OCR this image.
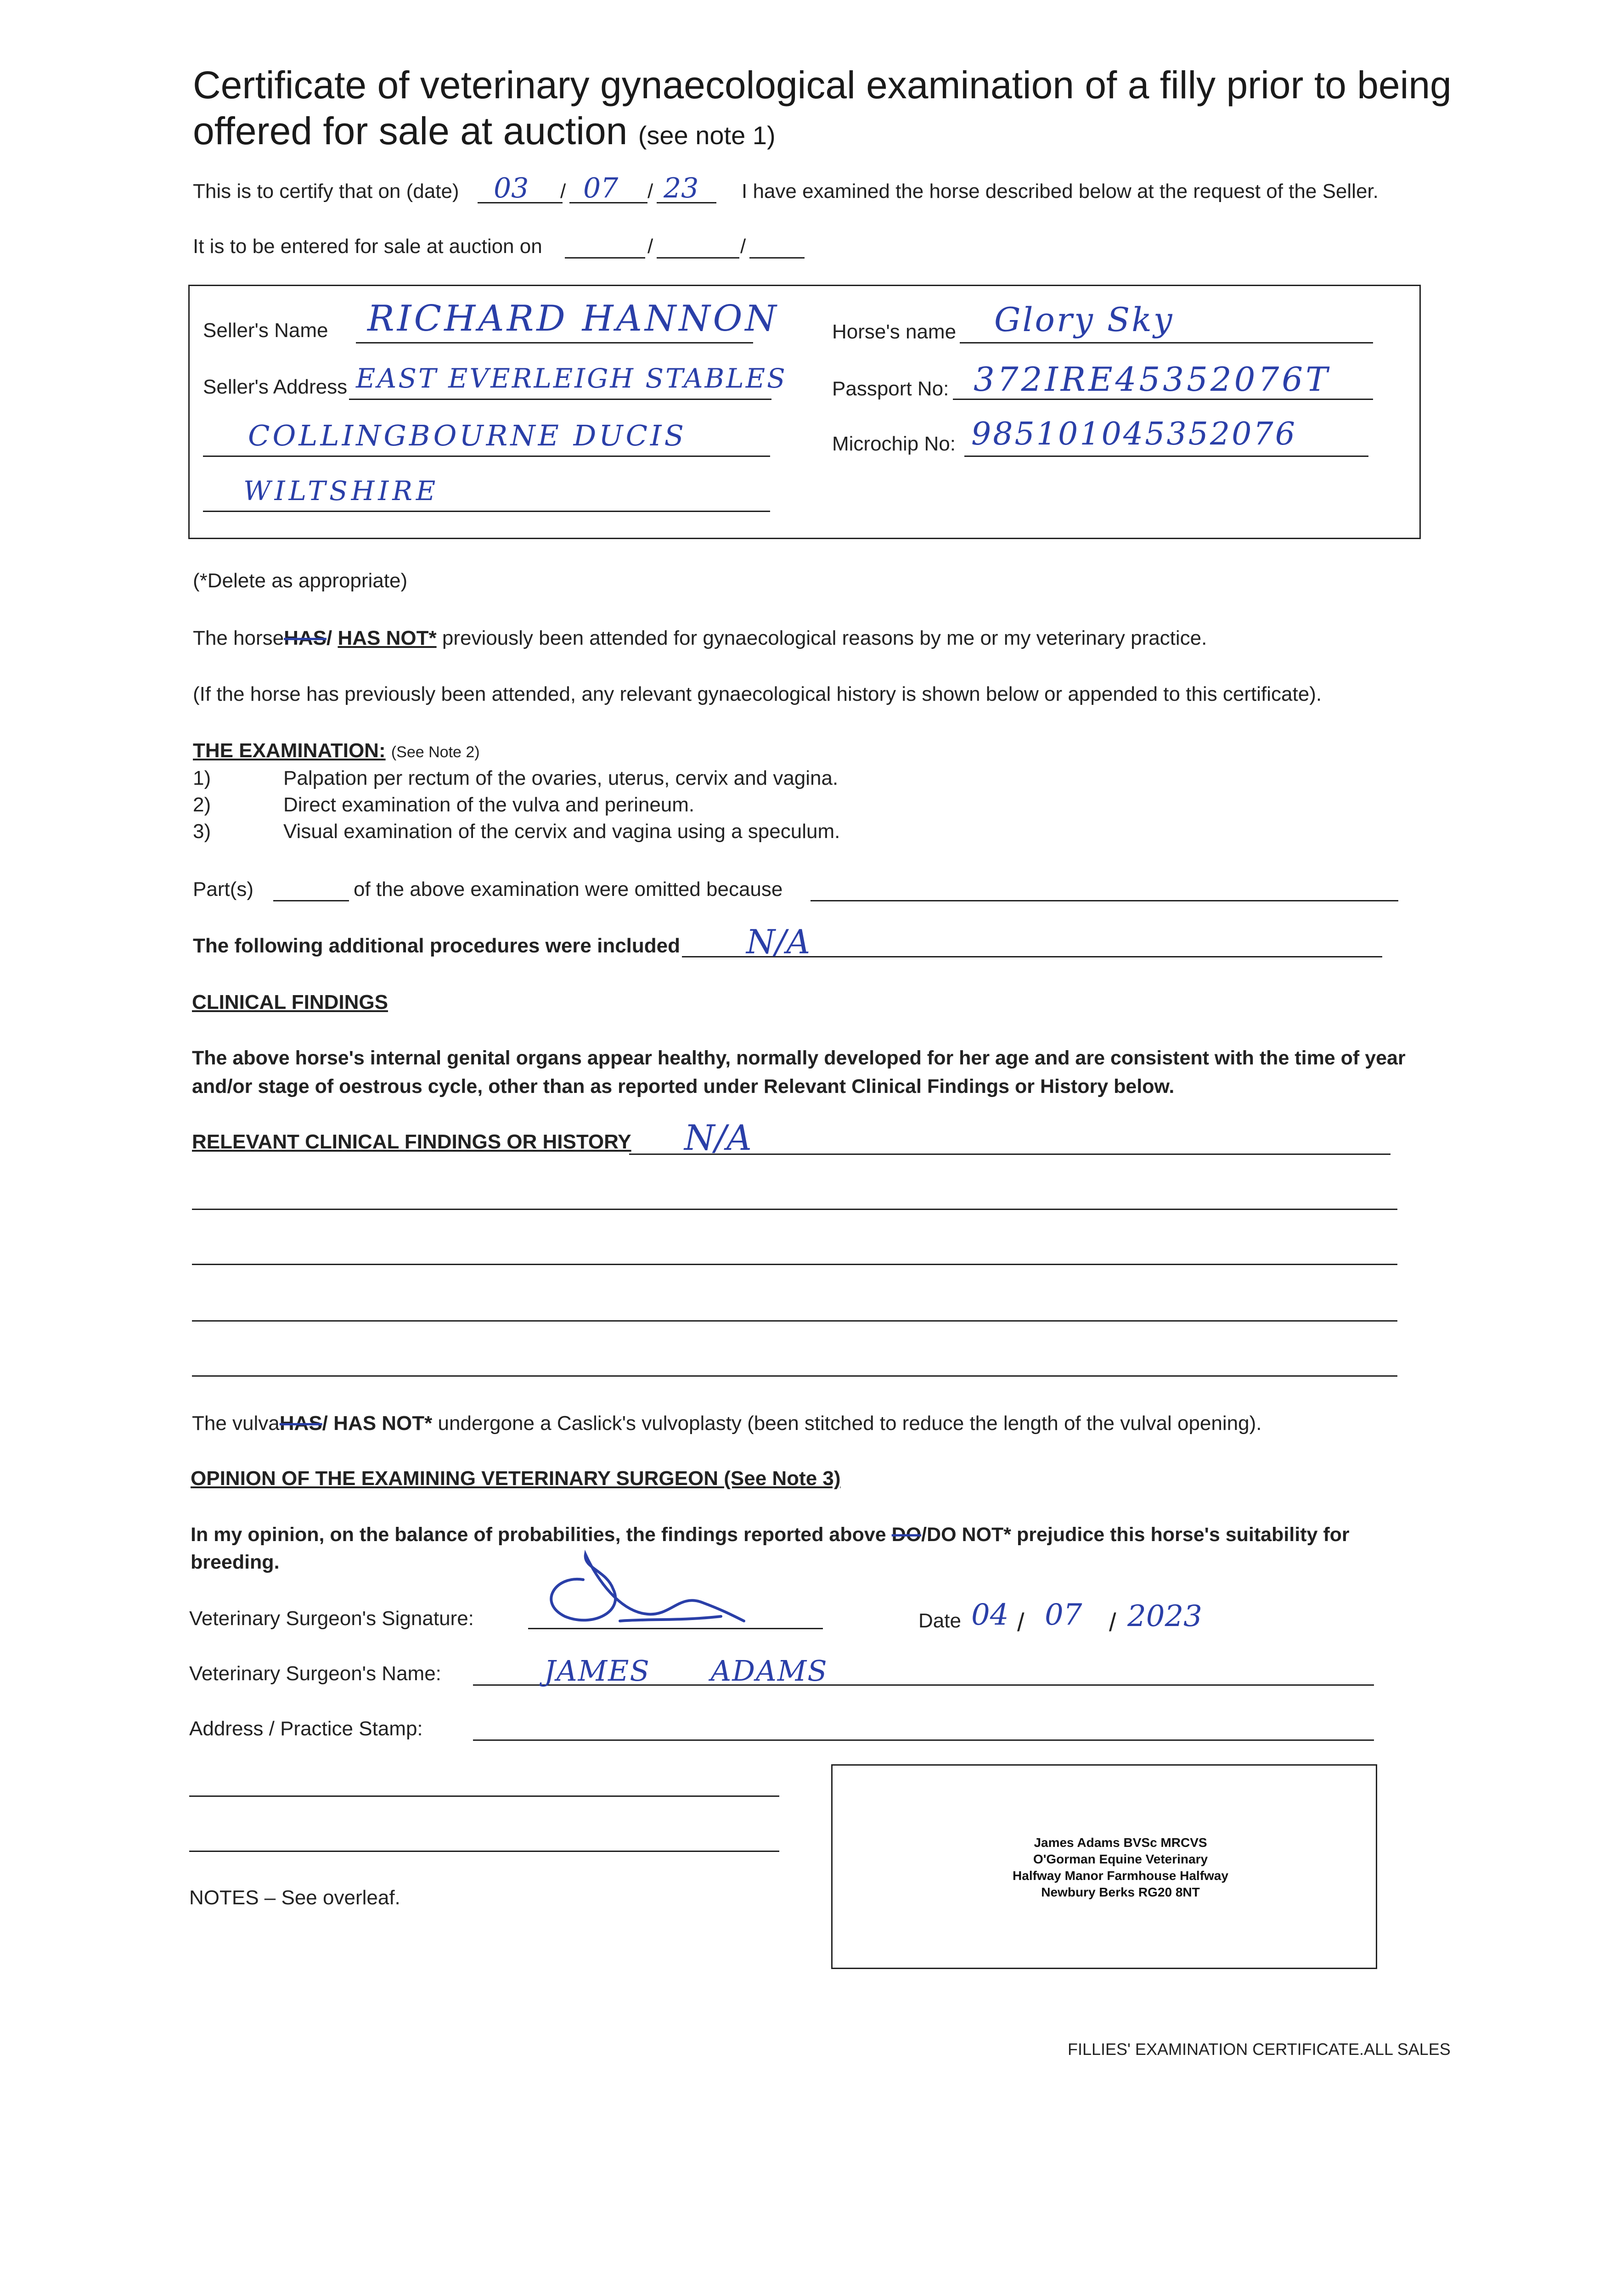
Certificate of veterinary gynaecological examination of a filly prior to being offered for sale at auction (see note 1)
This is to certify that on (date) 03 / 07 / 23 I have examined the horse described below at the request of the Seller.
It is to be entered for sale at auction on	/	/
Seller's Name RICHARD HANNON
Seller's Address EAST EVERLEIGH STABLES
COLLINGBOURNE DUCIS
WILTSHIRE
Horse's name Glory Sky
Passport No: 372IRE45352076T
Microchip No: 985101045352076
(*Delete as appropriate)
The horseHAS/ HAS NOT* previously been attended for gynaecological reasons by me or my veterinary practice.
(If the horse has previously been attended, any relevant gynaecological history is shown below or appended to this certificate).
THE EXAMINATION: (See Note 2)
1)	Palpation per rectum of the ovaries, uterus, cervix and vagina.
2)	Direct examination of the vulva and perineum.
3)	Visual examination of the cervix and vagina using a speculum.
Part(s)	of the above examination were omitted because
The following additional procedures were included N/A
CLINICAL FINDINGS
The above horse's internal genital organs appear healthy, normally developed for her age and are consistent with the time of year
and/or stage of oestrous cycle, other than as reported under Relevant Clinical Findings or History below.
RELEVANT CLINICAL FINDINGS OR HISTORY N/A
The vulvaHAS/ HAS NOT* undergone a Caslick's vulvoplasty (been stitched to reduce the length of the vulval opening).
OPINION OF THE EXAMINING VETERINARY SURGEON (See Note 3)
In my opinion, on the balance of probabilities, the findings reported above DO/DO NOT* prejudice this horse's suitability for
breeding.
Veterinary Surgeon's Signature:	Date 04 / 07 / 2023
Veterinary Surgeon's Name:	JAMES ADAMS
Address / Practice Stamp:
James Adams BVSc MRCVS
O'Gorman Equine Veterinary
Halfway Manor Farmhouse Halfway
Newbury Berks RG20 8NT
NOTES – See overleaf.
FILLIES' EXAMINATION CERTIFICATE.ALL SALES
